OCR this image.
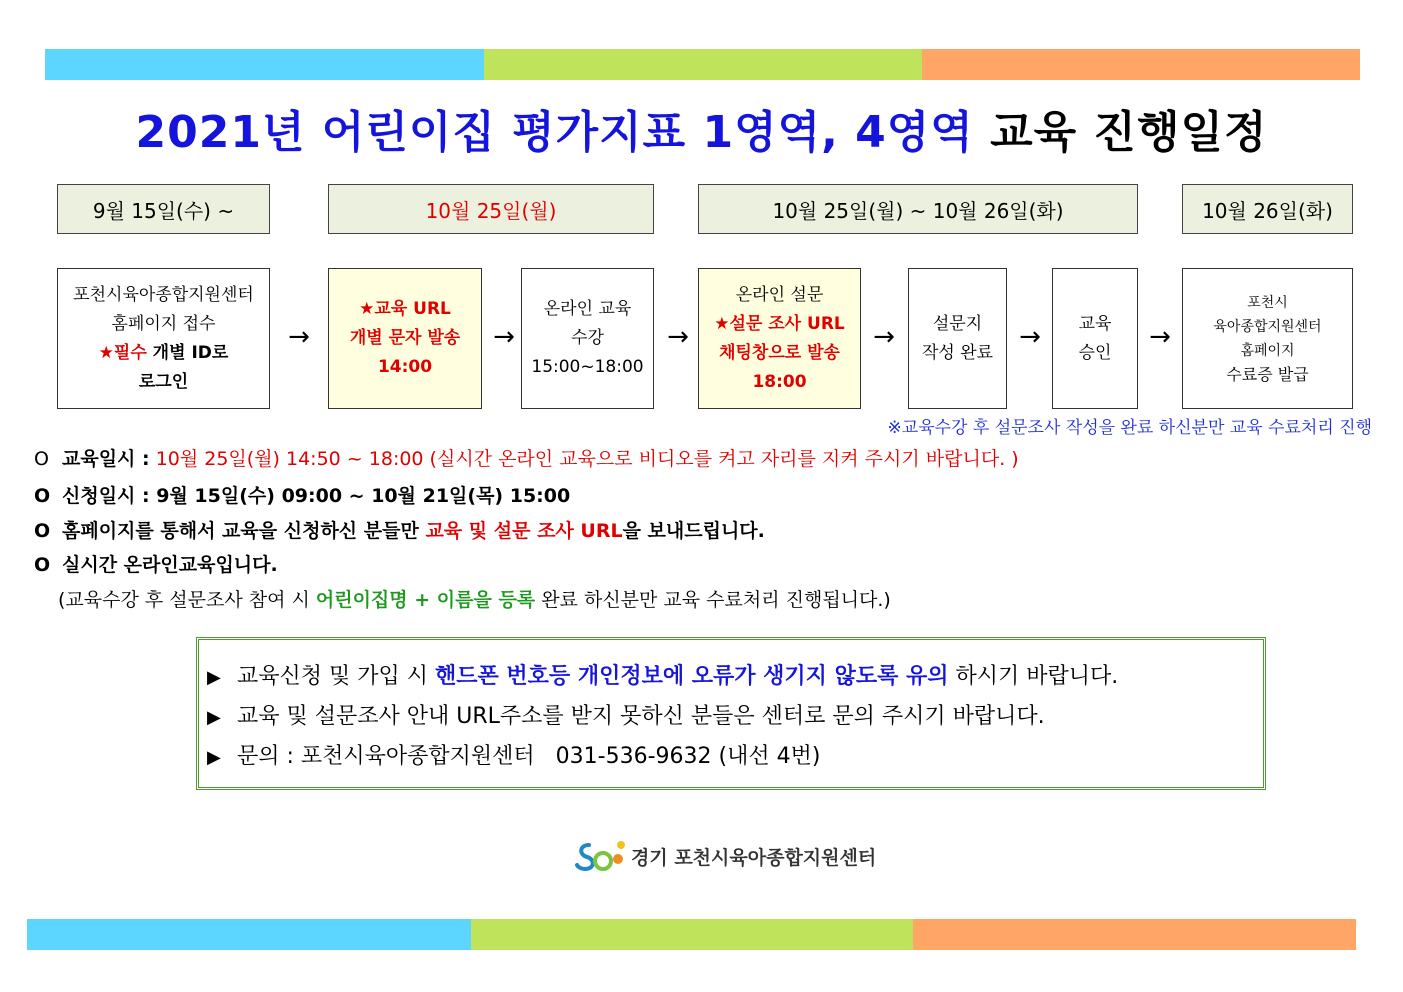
2021년 어린이집 평가지표 1영역, 4영역 교육 진행일정
9월 15일(수) ~	10월 25일(월)	10월 25일(월) ~ 10월 26일(화)	10월 26일(화)
포천시육아종합지원센터
홈페이지 접수
★필수 개별 ID로
로그인
→
★교육 URL
개별 문자 발송
14:00
→
온라인 교육
수강
15:00~18:00
→
온라인 설문
★설문 조사 URL
채팅창으로 발송
18:00
→	설문지
작성 완료
→	교육
승인
→
포천시
육아종합지원센터
홈페이지
수료증 발급
※교육수강 후 설문조사 작성을 완료 하신분만 교육 수료처리 진행
O 교육일시 : 10월 25일(월) 14:50 ~ 18:00 (실시간 온라인 교육으로 비디오를 켜고 자리를 지켜 주시기 바랍니다. )
O 신청일시 : 9월 15일(수) 09:00 ~ 10월 21일(목) 15:00
O 홈페이지를 통해서 교육을 신청하신 분들만 교육 및 설문 조사 URL을 보내드립니다.
O 실시간 온라인교육입니다.
(교육수강 후 설문조사 참여 시 어린이집명 + 이름을 등록 완료 하신분만 교육 수료처리 진행됩니다.)
▶ 교육신청 및 가입 시 핸드폰 번호등 개인정보에 오류가 생기지 않도록 유의 하시기 바랍니다.
▶ 교육 및 설문조사 안내 URL주소를 받지 못하신 분들은 센터로 문의 주시기 바랍니다.
▶ 문의 : 포천시육아종합지원센터   031-536-9632 (내선 4번)
경기 포천시육아종합지원센터
